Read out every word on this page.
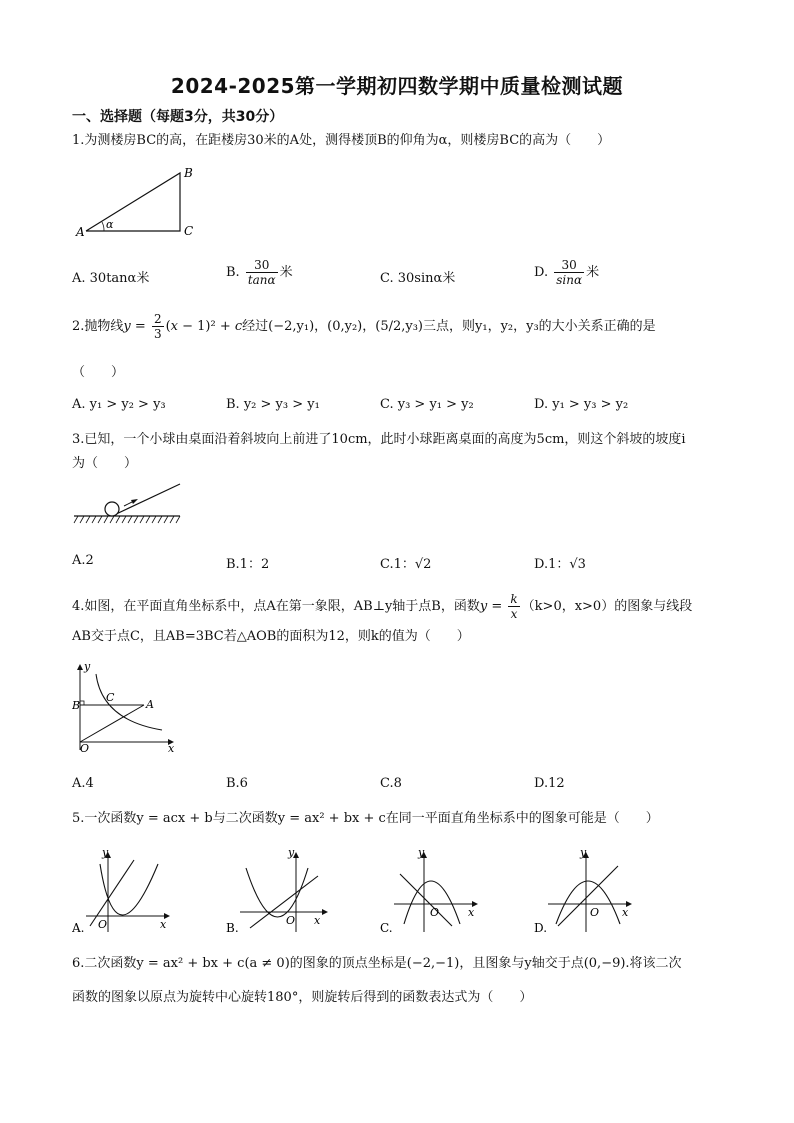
2024-2025第一学期初四数学期中质量检测试题
一、选择题（每题3分，共30分）
1.为测楼房BC的高，在距楼房30米的A处，测得楼顶B的仰角为α，则楼房BC的高为（　　）
A
B
C
α
A. 30tanα米	B. $\frac{30}{\tan\alpha}$ 米	C. 30sinα米	D. $\frac{30}{\sin\alpha}$ 米
2.抛物线$y = \frac{2}{3} (x - 1)^2 + c$经过(−2,y₁)，(0,y₂)，(5/2,y₃)三点，则y₁，y₂，y₃的大小关系正确的是
（　　）
A. y₁ > y₂ > y₃	B. y₂ > y₃ > y₁	C. y₃ > y₁ > y₂	D. y₁ > y₃ > y₂
3.已知，一个小球由桌面沿着斜坡向上前进了10cm，此时小球距离桌面的高度为5cm，则这个斜坡的坡度i
为（　　）
A.2	B.1：2	C.1：√2	D.1：√3
4.如图，在平面直角坐标系中，点A在第一象限，AB⊥y轴于点B，函数$y = \frac{k}{x} (k>0$，x>0）的图象与线段
AB交于点C，且AB=3BC若△AOB的面积为12，则k的值为（　　）
y
x
O
B
C
A
A.4	B.6	C.8	D.12
5.一次函数y = acx + b与二次函数y = ax² + bx + c在同一平面直角坐标系中的图象可能是（　　）
y
x
O
A.
y
x
O
B.
y
x
O
C.
y
x
O
D.
6.二次函数y = ax² + bx + c(a ≠ 0)的图象的顶点坐标是(−2,−1)，且图象与y轴交于点(0,−9).将该二次
函数的图象以原点为旋转中心旋转180°，则旋转后得到的函数表达式为（　　）
